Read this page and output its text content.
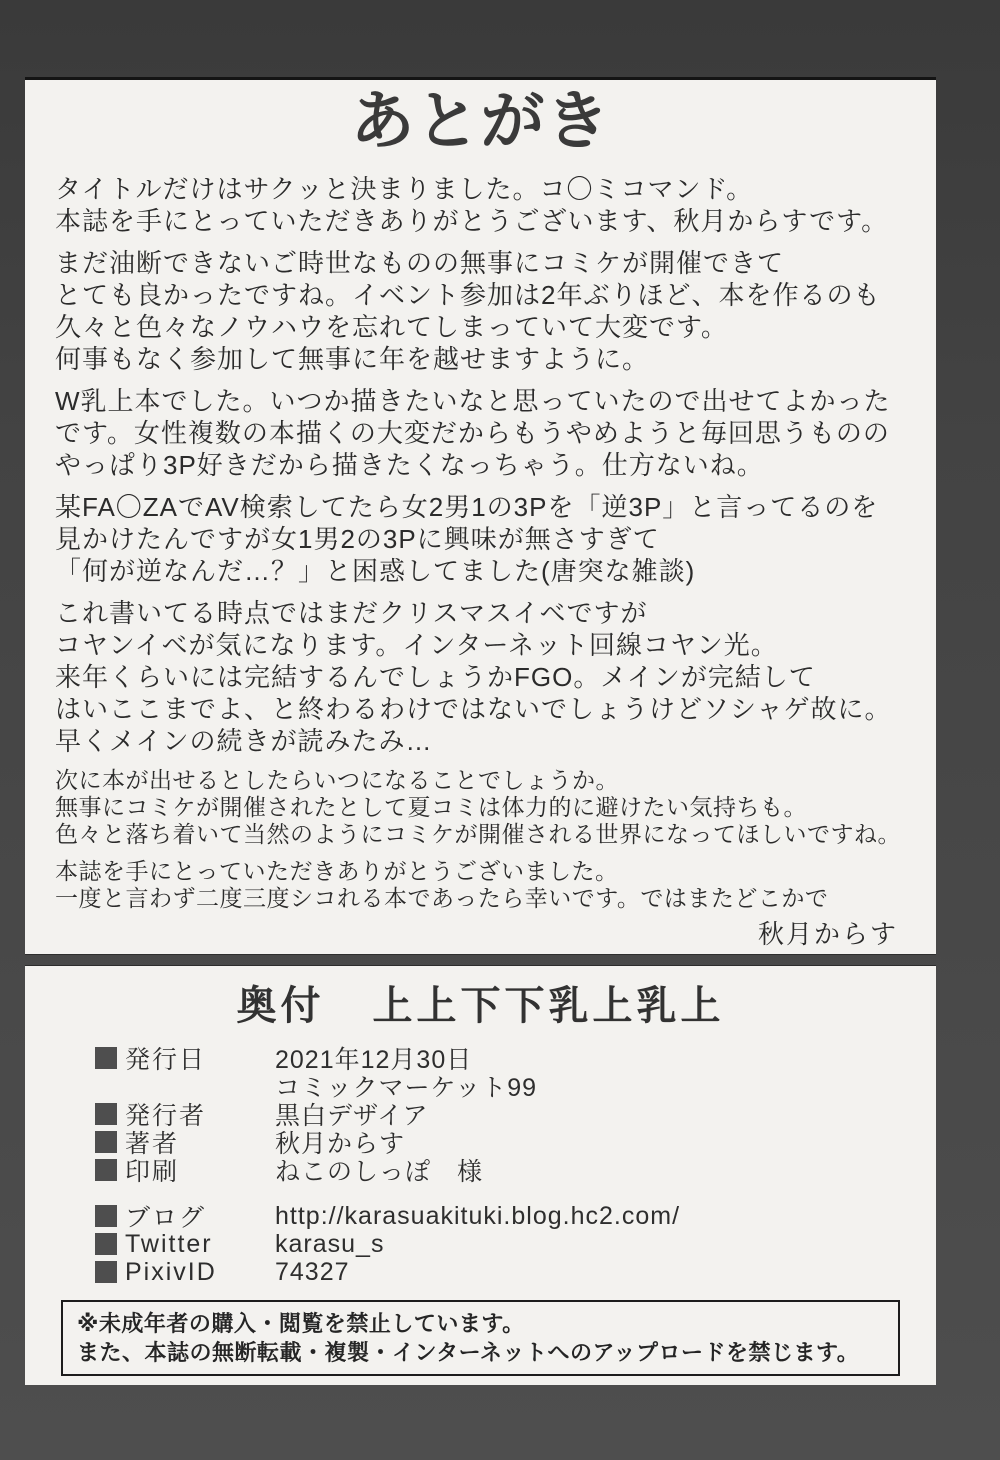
あとがき
タイトルだけはサクッと決まりました。コ〇ミコマンド。
本誌を手にとっていただきありがとうございます、秋月からすです。
まだ油断できないご時世なものの無事にコミケが開催できて
とても良かったですね。イベント参加は2年ぶりほど、本を作るのも
久々と色々なノウハウを忘れてしまっていて大変です。
何事もなく参加して無事に年を越せますように。
W乳上本でした。いつか描きたいなと思っていたので出せてよかった
です。女性複数の本描くの大変だからもうやめようと毎回思うものの
やっぱり3P好きだから描きたくなっちゃう。仕方ないね。
某FA〇ZAでAV検索してたら女2男1の3Pを「逆3P」と言ってるのを
見かけたんですが女1男2の3Pに興味が無さすぎて
「何が逆なんだ…？」と困惑してました(唐突な雑談)
これ書いてる時点ではまだクリスマスイベですが
コヤンイベが気になります。インターネット回線コヤン光。
来年くらいには完結するんでしょうかFGO。メインが完結して
はいここまでよ、と終わるわけではないでしょうけどソシャゲ故に。
早くメインの続きが読みたみ…
次に本が出せるとしたらいつになることでしょうか。
無事にコミケが開催されたとして夏コミは体力的に避けたい気持ちも。
色々と落ち着いて当然のようにコミケが開催される世界になってほしいですね。
本誌を手にとっていただきありがとうございました。
一度と言わず二度三度シコれる本であったら幸いです。ではまたどこかで
秋月からす
奥付 上上下下乳上乳上
発行日	2021年12月30日
コミックマーケット99
発行者	黒白デザイア
著者	秋月からす
印刷	ねこのしっぽ　様
ブログ	http://karasuakituki.blog.hc2.com/
Twitter	karasu_s
PixivID	74327
※未成年者の購入・閲覧を禁止しています。
また、本誌の無断転載・複製・インターネットへのアップロードを禁じます。
